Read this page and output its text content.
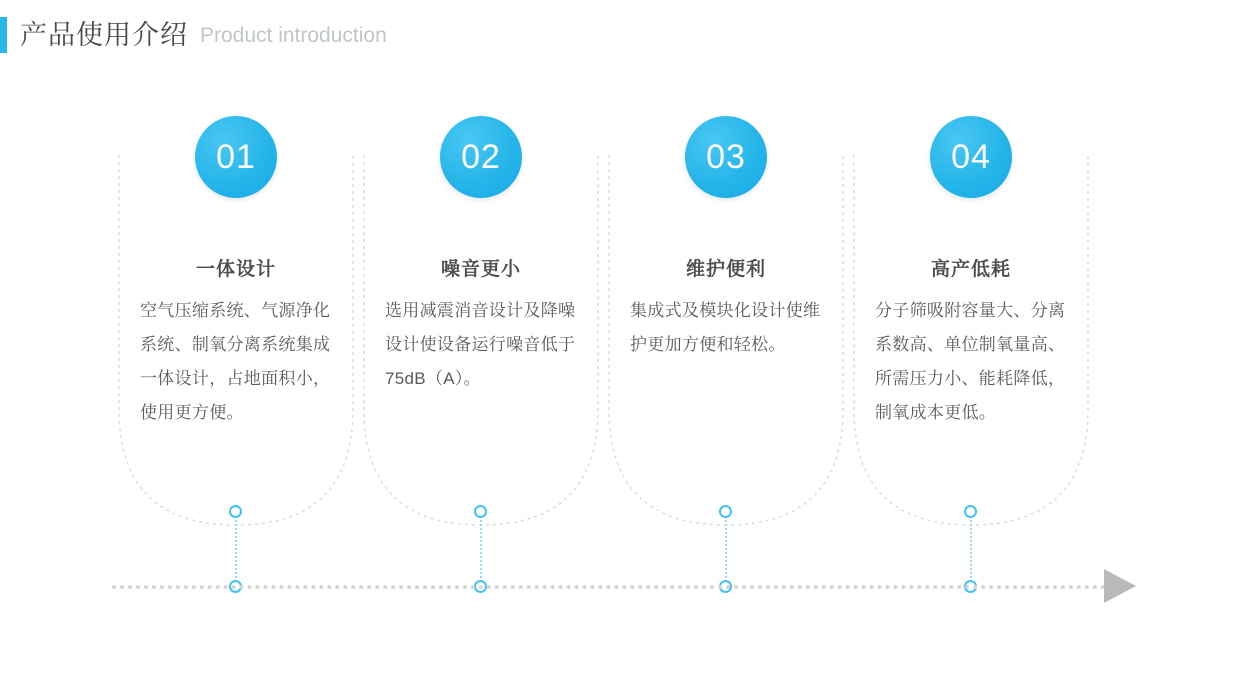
产品使用介绍 Product introduction
01
一体设计
空气压缩系统、气源净化系统、制氧分离系统集成一体设计，占地面积小，使用更方便。
02
噪音更小
选用减震消音设计及降噪设计使设备运行噪音低于75dB（A）。
03
维护便利
集成式及模块化设计使维护更加方便和轻松。
04
高产低耗
分子筛吸附容量大、分离系数高、单位制氧量高、所需压力小、能耗降低，制氧成本更低。
